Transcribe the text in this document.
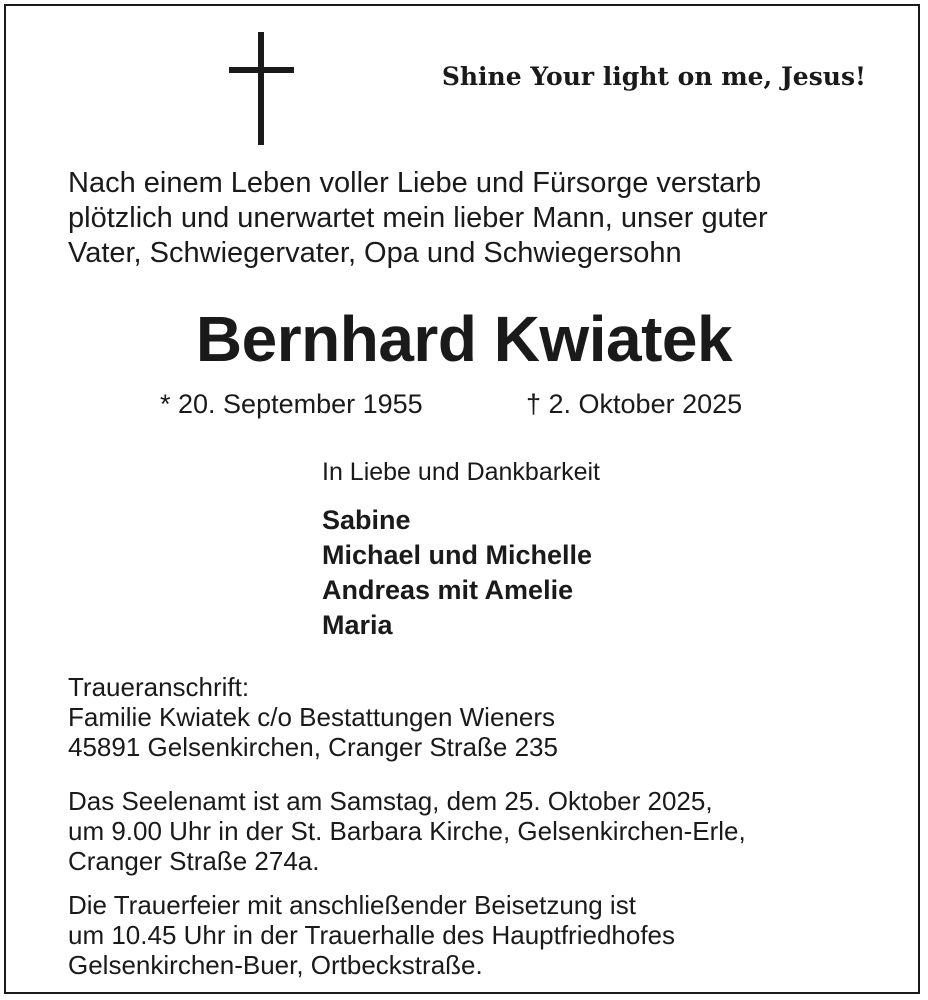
Shine Your light on me, Jesus!
Nach einem Leben voller Liebe und Fürsorge verstarb
plötzlich und unerwartet mein lieber Mann, unser guter
Vater, Schwiegervater, Opa und Schwiegersohn
Bernhard Kwiatek
* 20. September 1955	† 2. Oktober 2025
In Liebe und Dankbarkeit
Sabine
Michael und Michelle
Andreas mit Amelie
Maria
Traueranschrift:
Familie Kwiatek c/o Bestattungen Wieners
45891 Gelsenkirchen, Cranger Straße 235
Das Seelenamt ist am Samstag, dem 25. Oktober 2025,
um 9.00 Uhr in der St. Barbara Kirche, Gelsenkirchen-Erle,
Cranger Straße 274a.
Die Trauerfeier mit anschließender Beisetzung ist
um 10.45 Uhr in der Trauerhalle des Hauptfriedhofes
Gelsenkirchen-Buer, Ortbeckstraße.
